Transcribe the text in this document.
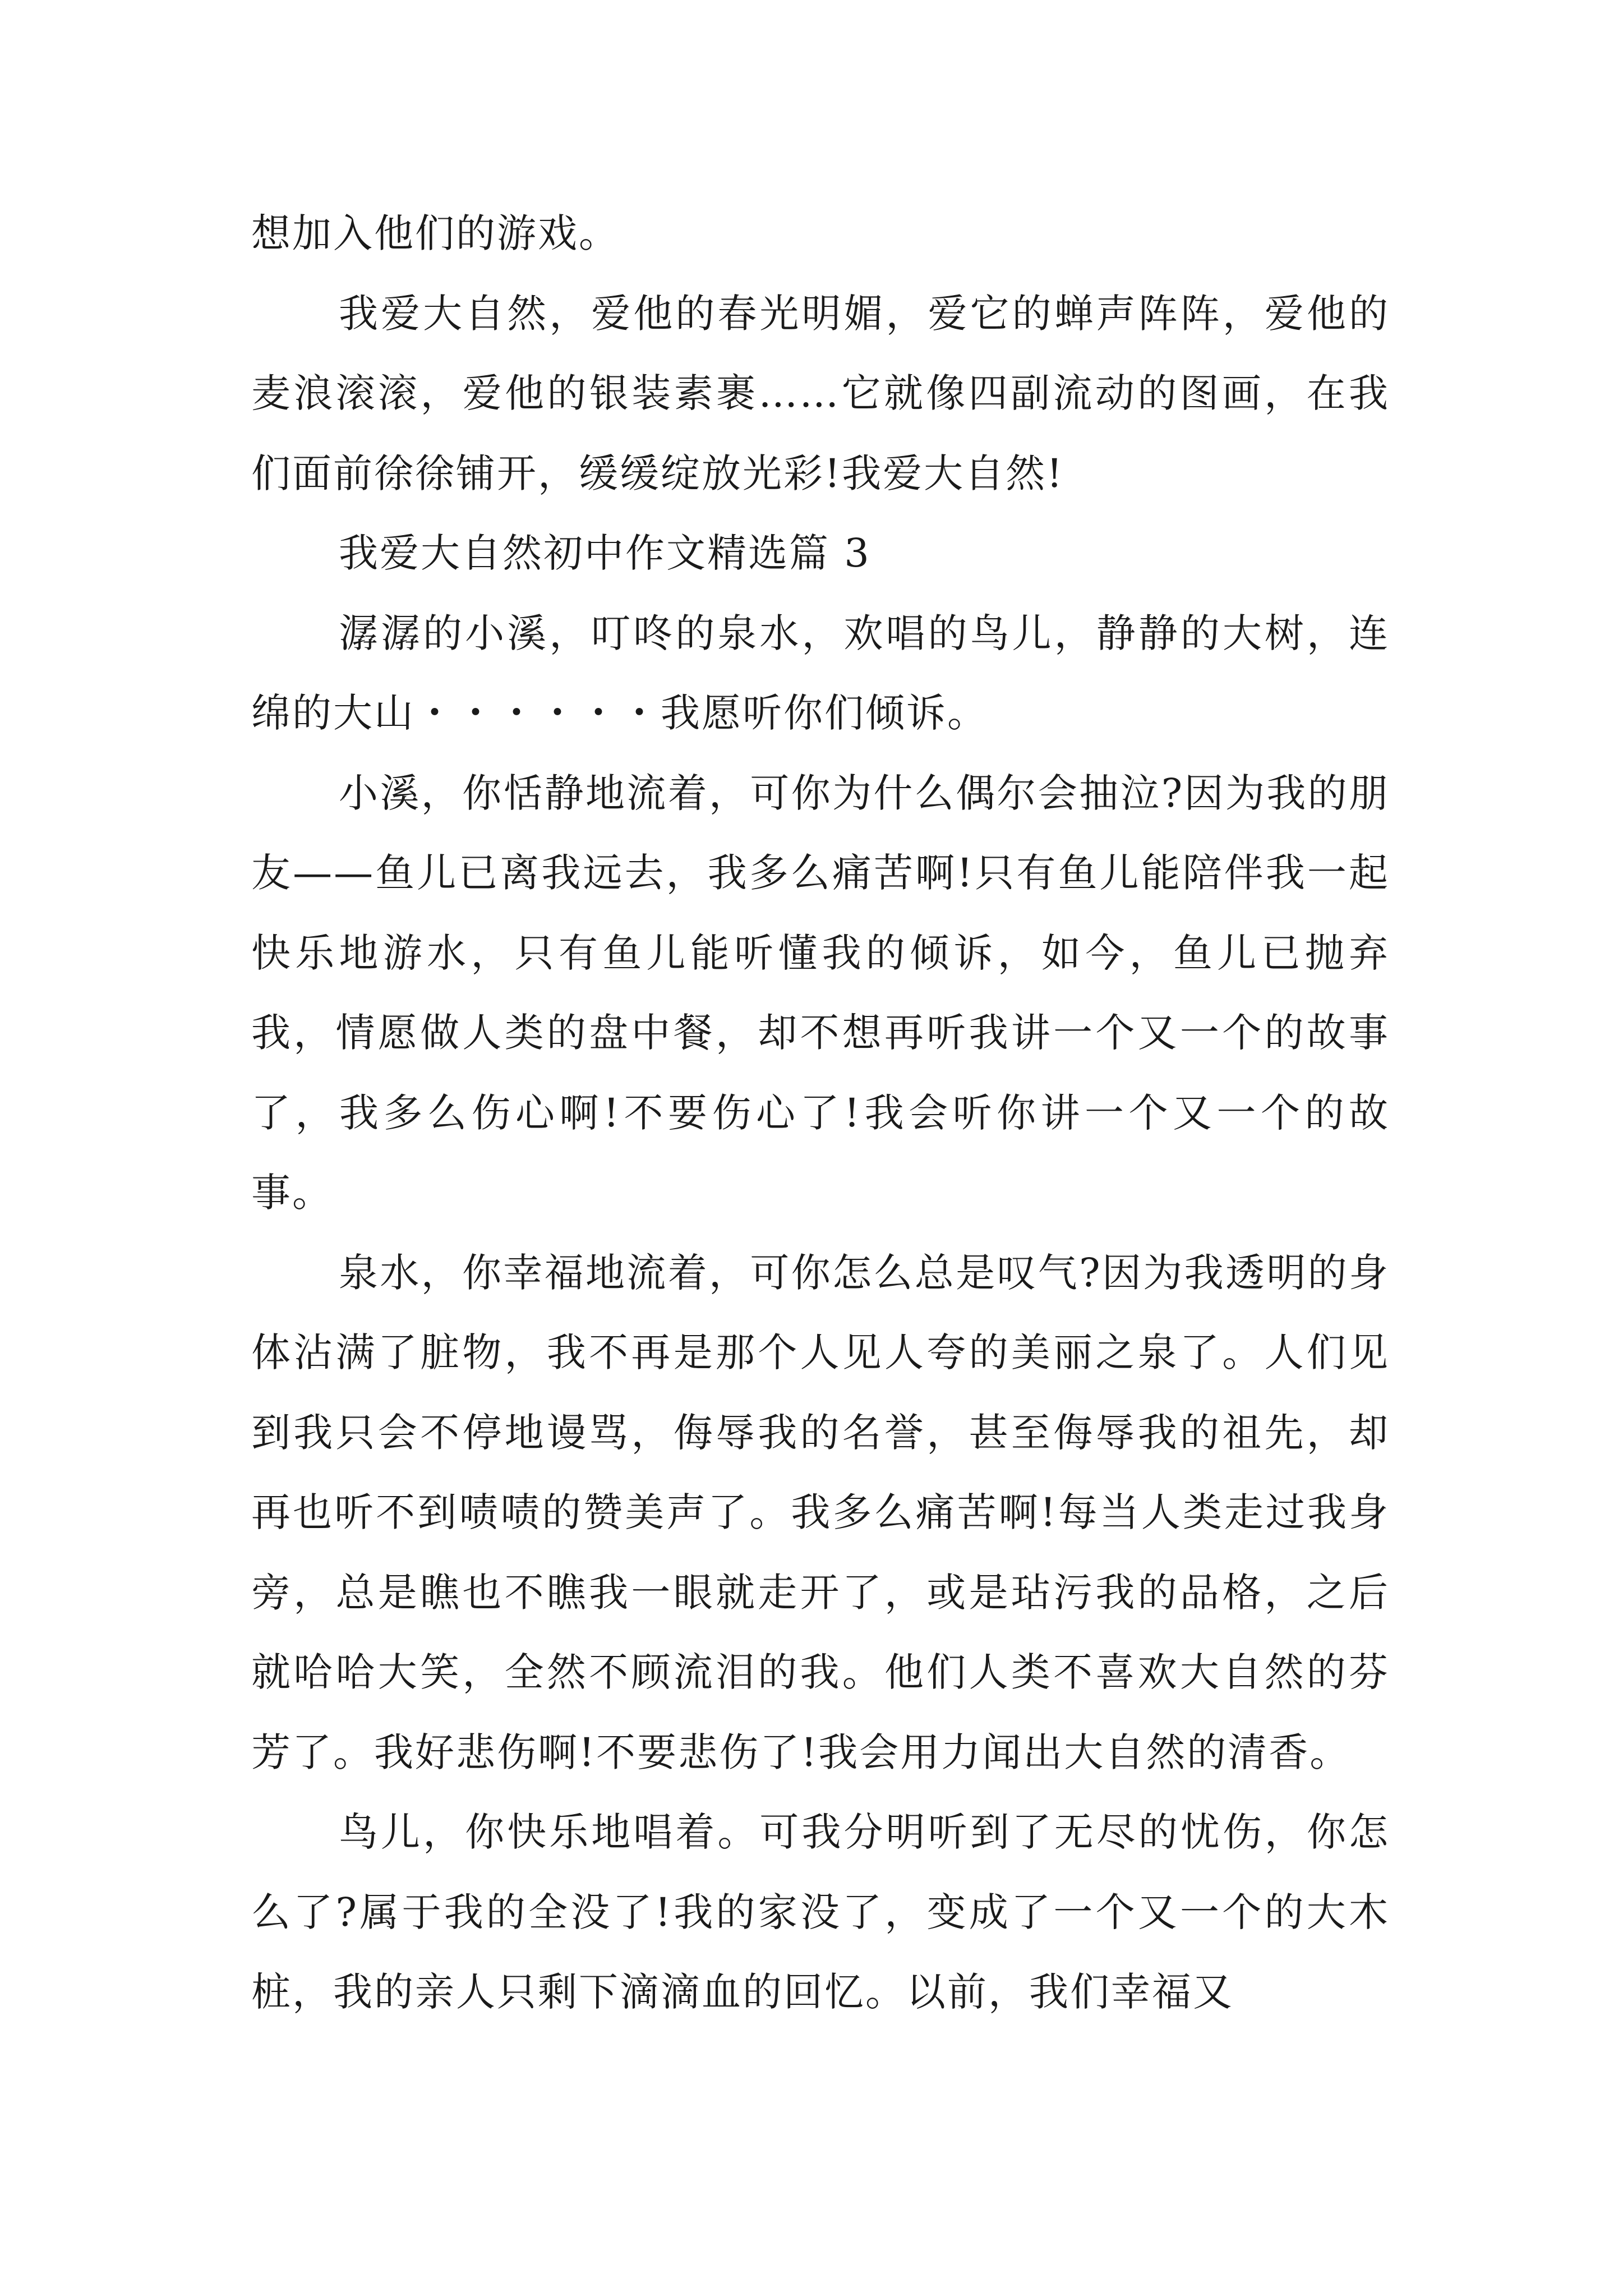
想加入他们的游戏。

我爱大自然，爱他的春光明媚，爱它的蝉声阵阵，爱他的麦浪滚滚，爱他的银装素裹……它就像四副流动的图画，在我们面前徐徐铺开，缓缓绽放光彩!我爱大自然!

我爱大自然初中作文精选篇 3

潺潺的小溪，叮咚的泉水，欢唱的鸟儿，静静的大树，连绵的大山・・・・・・我愿听你们倾诉。

小溪，你恬静地流着，可你为什么偶尔会抽泣?因为我的朋友——鱼儿已离我远去，我多么痛苦啊!只有鱼儿能陪伴我一起快乐地游水，只有鱼儿能听懂我的倾诉，如今，鱼儿已抛弃我，情愿做人类的盘中餐，却不想再听我讲一个又一个的故事了，我多么伤心啊!不要伤心了!我会听你讲一个又一个的故事。

泉水，你幸福地流着，可你怎么总是叹气?因为我透明的身体沾满了脏物，我不再是那个人见人夸的美丽之泉了。人们见到我只会不停地谩骂，侮辱我的名誉，甚至侮辱我的祖先，却再也听不到啧啧的赞美声了。我多么痛苦啊!每当人类走过我身旁，总是瞧也不瞧我一眼就走开了，或是玷污我的品格，之后就哈哈大笑，全然不顾流泪的我。他们人类不喜欢大自然的芬芳了。我好悲伤啊!不要悲伤了!我会用力闻出大自然的清香。

鸟儿，你快乐地唱着。可我分明听到了无尽的忧伤，你怎么了?属于我的全没了!我的家没了，变成了一个又一个的大木桩，我的亲人只剩下滴滴血的回忆。以前，我们幸福又
